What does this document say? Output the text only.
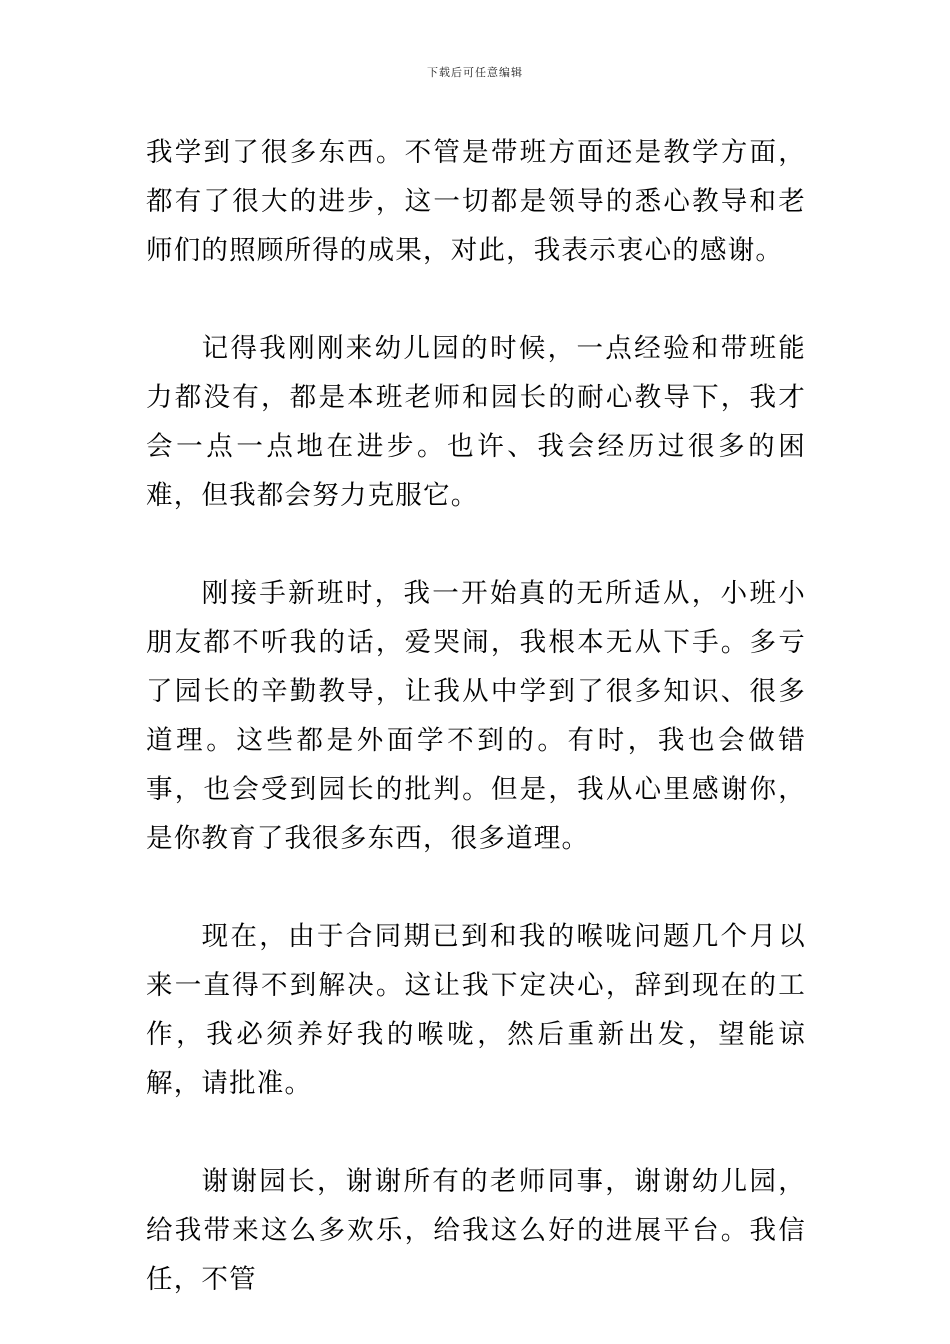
下载后可任意编辑

我学到了很多东西。不管是带班方面还是教学方面，都有了很大的进步，这一切都是领导的悉心教导和老师们的照顾所得的成果，对此，我表示衷心的感谢。

记得我刚刚来幼儿园的时候，一点经验和带班能力都没有，都是本班老师和园长的耐心教导下，我才会一点一点地在进步。也许、我会经历过很多的困难，但我都会努力克服它。

刚接手新班时，我一开始真的无所适从，小班小朋友都不听我的话，爱哭闹，我根本无从下手。多亏了园长的辛勤教导，让我从中学到了很多知识、很多道理。这些都是外面学不到的。有时，我也会做错事，也会受到园长的批判。但是，我从心里感谢你，是你教育了我很多东西，很多道理。

现在，由于合同期已到和我的喉咙问题几个月以来一直得不到解决。这让我下定决心，辞到现在的工作，我必须养好我的喉咙，然后重新出发，望能谅解，请批准。

谢谢园长，谢谢所有的老师同事，谢谢幼儿园，给我带来这么多欢乐，给我这么好的进展平台。我信任，不管
